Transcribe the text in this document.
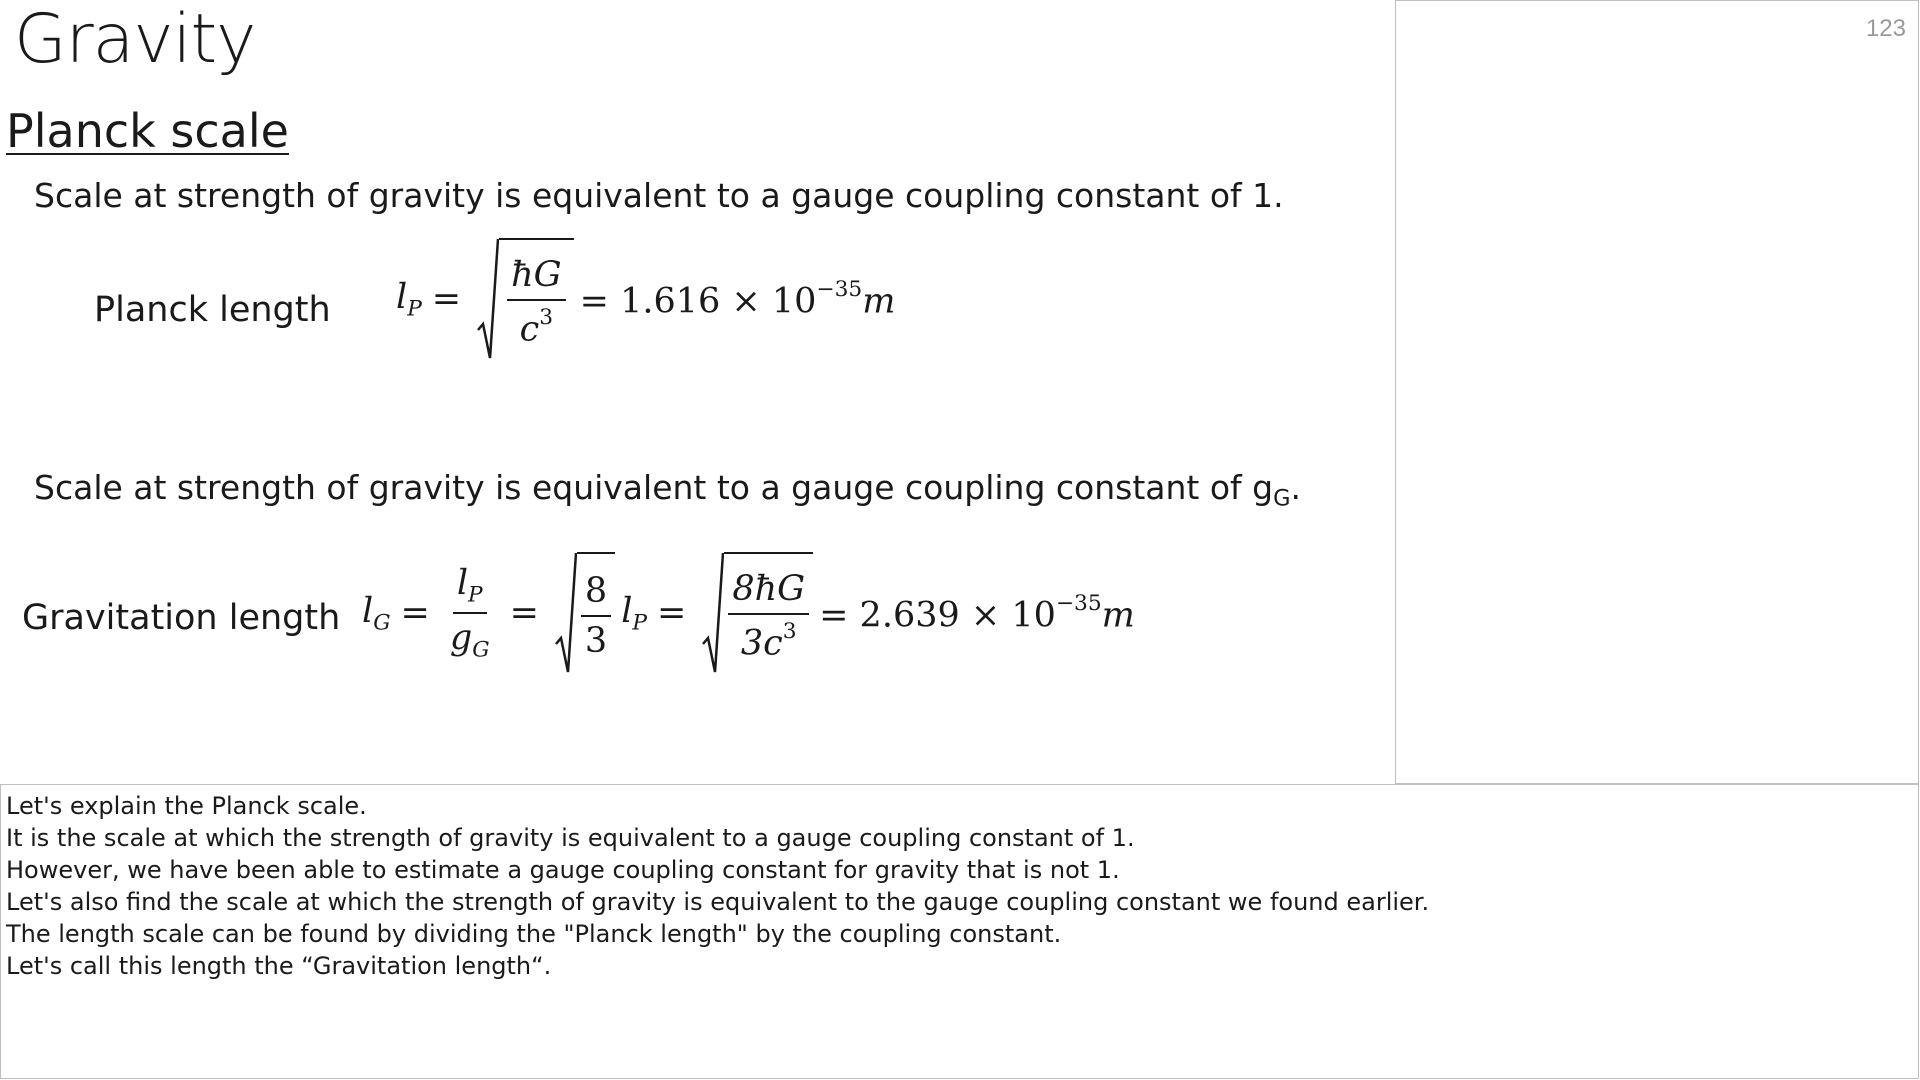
Gravity
Planck scale
Scale at strength of gravity is equivalent to a gauge coupling constant of 1.
Planck length $l_P = \frac{ħG}{c^3} = 1.616 \times 10^{-35}m$
Scale at strength of gravity is equivalent to a gauge coupling constant of $g_G$.
Gravitation length $l_G = \frac{l_P}{g_G} = \frac{8}{3} l_P = \frac{8ħG}{3c^3} = 2.639 \times 10^{-35}m$
123
Let's explain the Planck scale.
It is the scale at which the strength of gravity is equivalent to a gauge coupling constant of 1.
However, we have been able to estimate a gauge coupling constant for gravity that is not 1.
Let's also find the scale at which the strength of gravity is equivalent to the gauge coupling constant we found earlier.
The length scale can be found by dividing the "Planck length" by the coupling constant.
Let's call this length the “Gravitation length“.
